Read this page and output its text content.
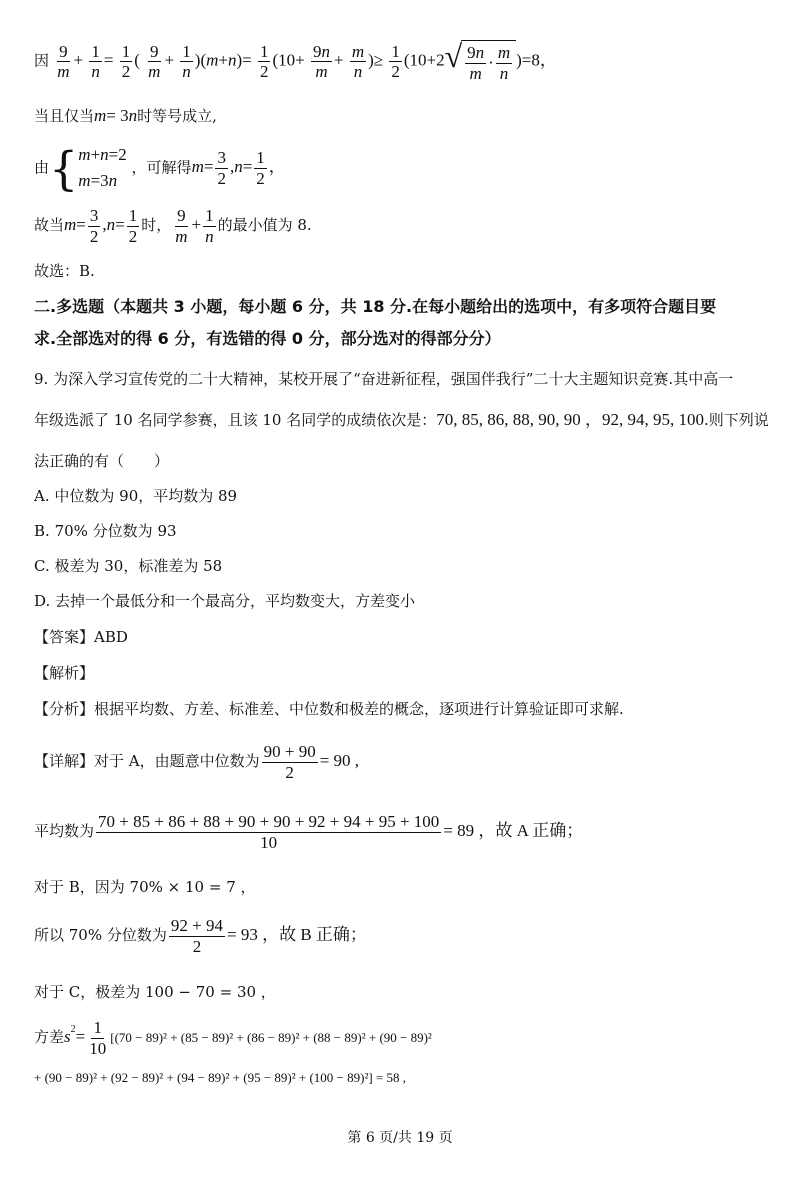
因 $\frac{9}{m} + \frac{1}{n} = \frac{1}{2}$ ( $\frac{9}{m} + \frac{1}{n} )(m+n)= \frac{1}{2} (10+ \frac{9n}{m} + \frac{m}{n}$ )≥ $\frac{1}{2} (10+2$ √ $\frac{9n}{m} \cdot \frac{m}{n} )=8$，
当且仅当m= 3n时等号成立,
由{ m+n=2
m=3n
，可解得$m= \frac{3}{2} ,n= \frac{1}{2}$ ，
故当$m= \frac{3}{2} ,n= \frac{1}{2}$ 时， $\frac{9}{m} + \frac{1}{n}$ 的最小值为 8.
故选：B.
二.多选题（本题共 3 小题，每小题 6 分，共 18 分.在每小题给出的选项中，有多项符合题目要
求.全部选对的得 6 分，有选错的得 0 分，部分选对的得部分分）
9. 为深入学习宣传党的二十大精神，某校开展了“奋进新征程，强国伴我行”二十大主题知识竞赛.其中高一
年级选派了 10 名同学参赛，且该 10 名同学的成绩依次是：70, 85, 86, 88, 90, 90 ，92, 94, 95, 100.则下列说
法正确的有（　　）
A. 中位数为 90，平均数为 89
B. 70% 分位数为 93
C. 极差为 30，标准差为 58
D. 去掉一个最低分和一个最高分，平均数变大，方差变小
【答案】ABD
【解析】
【分析】根据平均数、方差、标准差、中位数和极差的概念，逐项进行计算验证即可求解.
【详解】对于 A，由题意中位数为 $\frac{90 + 90}{2} = 90$ ,
平均数为 $\frac{70 + 85 + 86 + 88 + 90 + 90 + 92 + 94 + 95 + 100}{10} = 89$ ，故 A 正确；
对于 B，因为 70% × 10 = 7 ，
所以 70% 分位数为 $\frac{92 + 94}{2} = 93$ ，故 B 正确；
对于 C，极差为 100 − 70 = 30 ，
方差$s^2= \frac{1}{10} [(70 - 89)^2 + (85 - 89)^2 + (86 - 89)^2 + (88 - 89)^2 + (90 - 89)^2$
+ (90 − 89)² + (92 − 89)² + (94 − 89)² + (95 − 89)² + (100 − 89)²] = 58 ,
第 6 页/共 19 页
